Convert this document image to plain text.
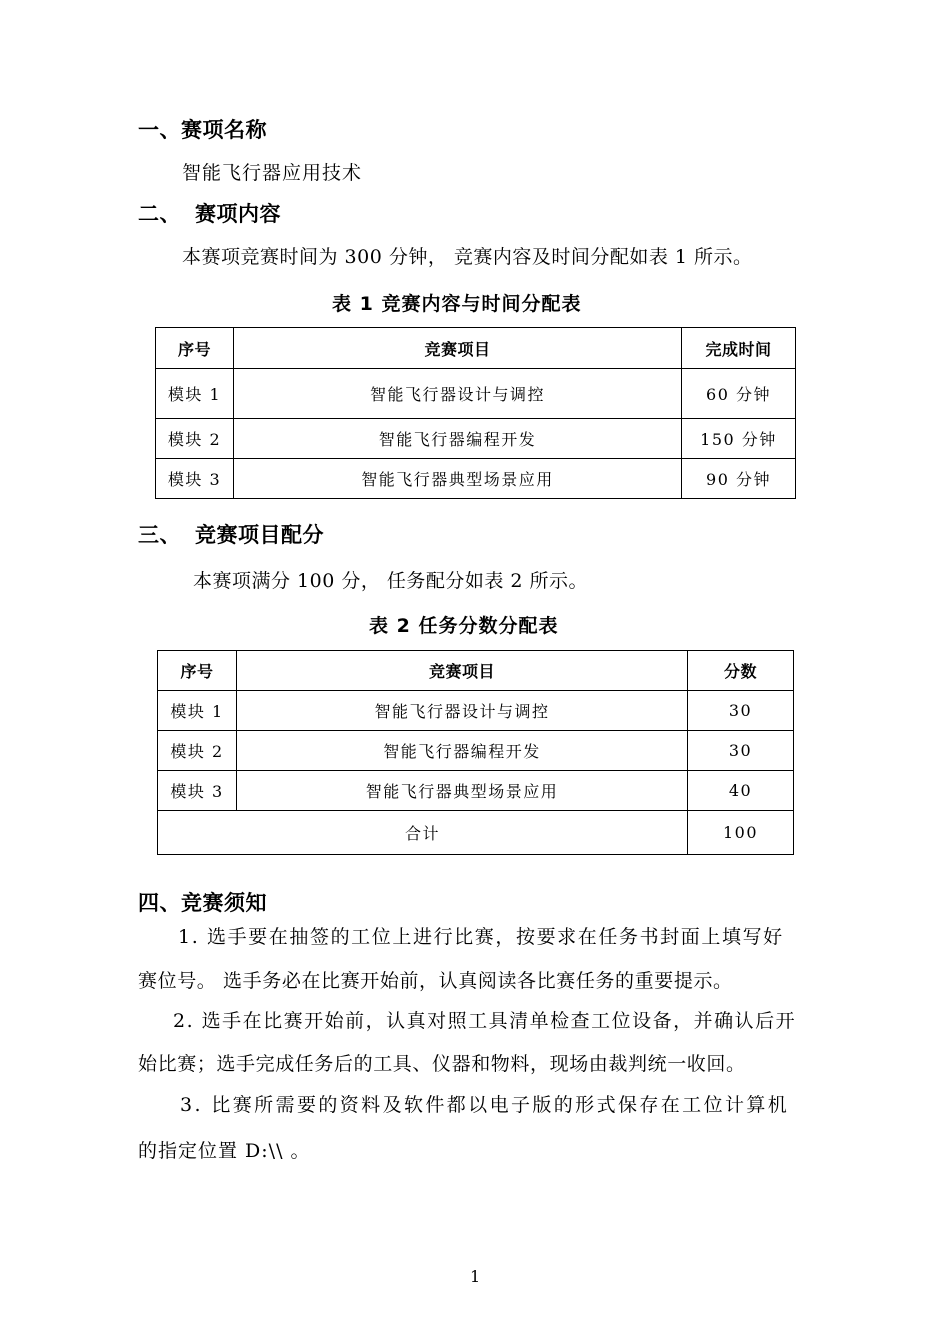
一、赛项名称
智能飞行器应用技术
二、 赛项内容
本赛项竞赛时间为 300 分钟， 竞赛内容及时间分配如表 1 所示。
表 1 竞赛内容与时间分配表
序号	竞赛项目	完成时间
模块 1	智能飞行器设计与调控	60 分钟
模块 2	智能飞行器编程开发	150 分钟
模块 3	智能飞行器典型场景应用	90 分钟
三、 竞赛项目配分
本赛项满分 100 分， 任务配分如表 2 所示。
表 2 任务分数分配表
序号	竞赛项目	分数
模块 1	智能飞行器设计与调控	30
模块 2	智能飞行器编程开发	30
模块 3	智能飞行器典型场景应用	40
合计		100
四、竞赛须知
1. 选手要在抽签的工位上进行比赛，按要求在任务书封面上填写好
赛位号。 选手务必在比赛开始前，认真阅读各比赛任务的重要提示。
2. 选手在比赛开始前，认真对照工具清单检查工位设备，并确认后开
始比赛；选手完成任务后的工具、仪器和物料，现场由裁判统一收回。
3. 比赛所需要的资料及软件都以电子版的形式保存在工位计算机
的指定位置 D:\\ 。
1
